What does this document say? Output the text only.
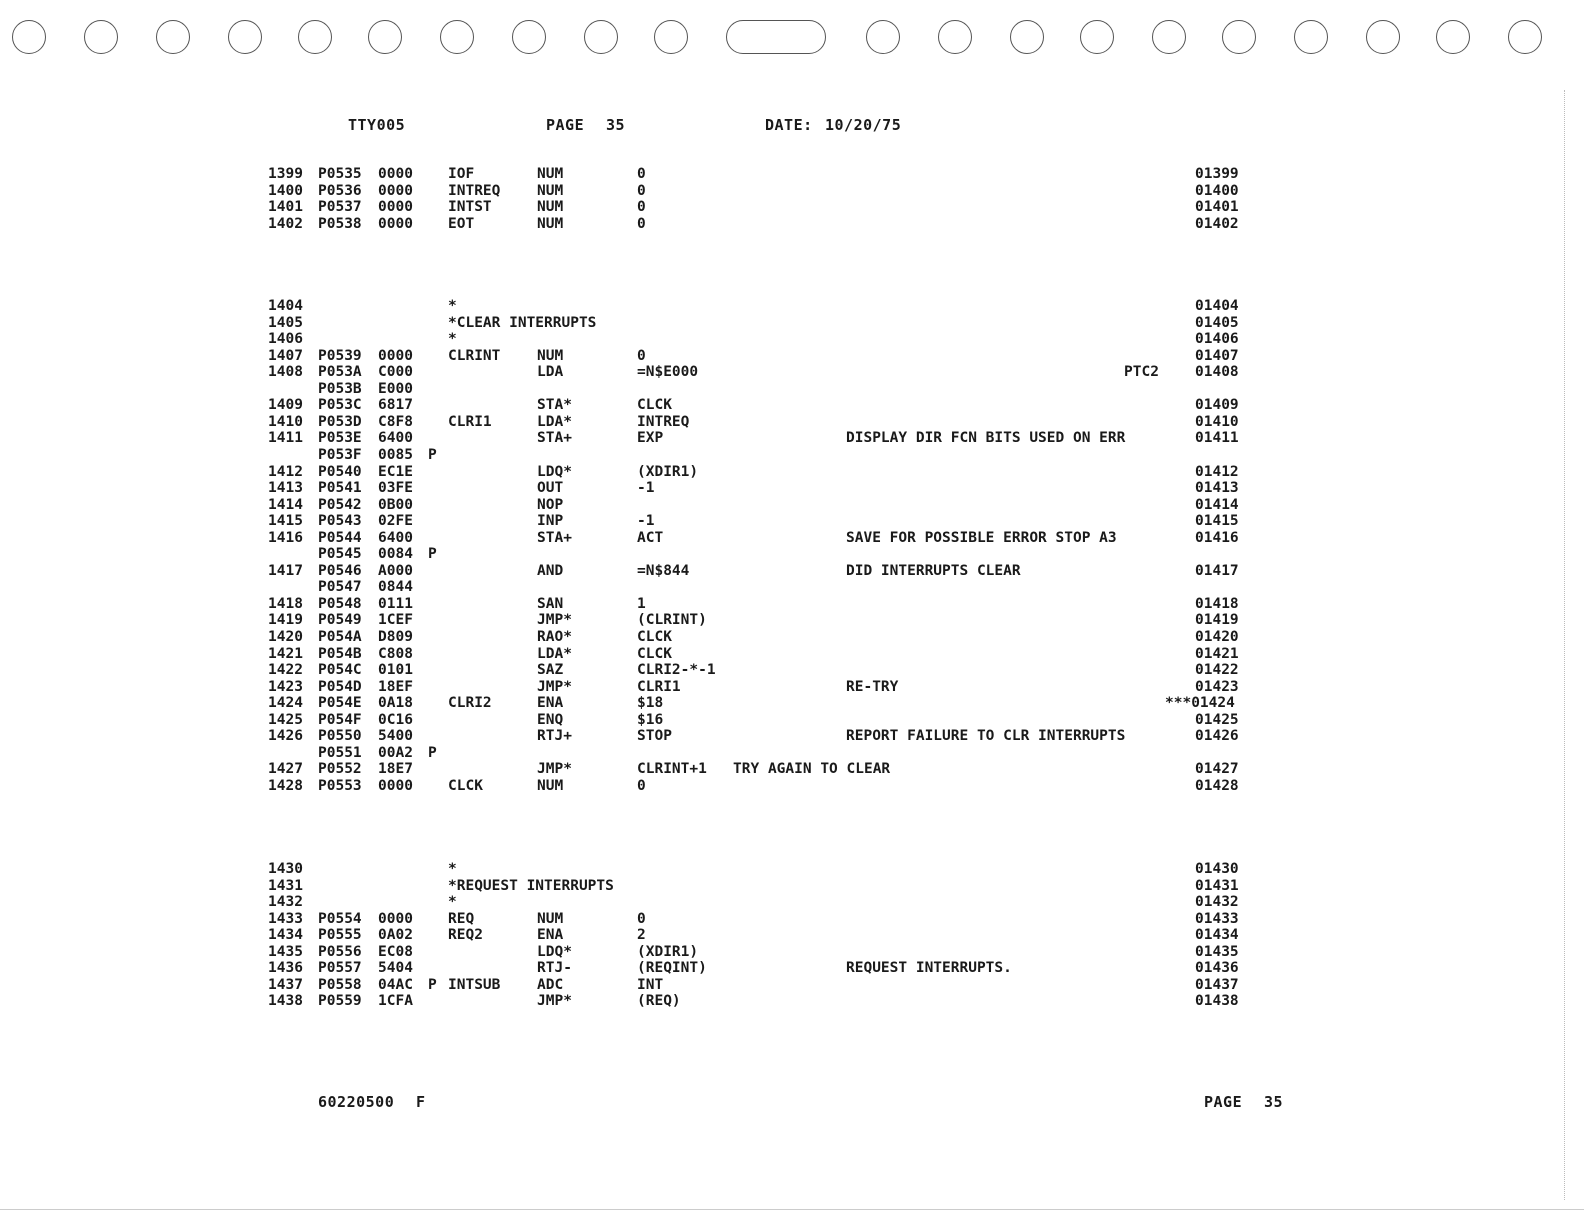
TTY005	PAGE 35	DATE: 10/20/75
1399 P0535 0000 IOF	NUM	0	01399
1400 P0536 0000 INTREQ	NUM	0	01400
1401 P0537 0000 INTST	NUM	0	01401
1402 P0538 0000 EOT	NUM	0	01402
1404	*	01404
1405	*CLEAR INTERRUPTS	01405
1406	*	01406
1407 P0539 0000 CLRINT	NUM	0	01407
1408 P053A C000	LDA	=N$E000	PTC2 01408
P053B E000
1409 P053C 6817	STA*	CLCK	01409
1410 P053D C8F8 CLRI1	LDA*	INTREQ	01410
1411 P053E 6400	STA+	EXP	DISPLAY DIR FCN BITS USED ON ERR	01411
P053F 0085 P
1412 P0540 EC1E	LDQ*	(XDIR1)	01412
1413 P0541 03FE	OUT	-1	01413
1414 P0542 0B00	NOP	01414
1415 P0543 02FE	INP	-1	01415
1416 P0544 6400	STA+	ACT	SAVE FOR POSSIBLE ERROR STOP A3	01416
P0545 0084 P
1417 P0546 A000	AND	=N$844	DID INTERRUPTS CLEAR	01417
P0547 0844
1418 P0548 0111	SAN	1	01418
1419 P0549 1CEF	JMP*	(CLRINT)	01419
1420 P054A D809	RAO*	CLCK	01420
1421 P054B C808	LDA*	CLCK	01421
1422 P054C 0101	SAZ	CLRI2-*-1	01422
1423 P054D 18EF	JMP*	CLRI1	RE-TRY	01423
1424 P054E 0A18 CLRI2	ENA	$18	***01424
1425 P054F 0C16	ENQ	$16	01425
1426 P0550 5400	RTJ+	STOP	REPORT FAILURE TO CLR INTERRUPTS	01426
P0551 00A2 P
1427 P0552 18E7	JMP*	CLRINT+1   TRY AGAIN TO CLEAR	01427
1428 P0553 0000 CLCK	NUM	0	01428
1430	*	01430
1431	*REQUEST INTERRUPTS	01431
1432	*	01432
1433 P0554 0000 REQ	NUM	0	01433
1434 P0555 0A02 REQ2	ENA	2	01434
1435 P0556 EC08	LDQ*	(XDIR1)	01435
1436 P0557 5404	RTJ-	(REQINT)	REQUEST INTERRUPTS.	01436
1437 P0558 04AC P INTSUB	ADC	INT	01437
1438 P0559 1CFA	JMP*	(REQ)	01438
60220500 F	PAGE 35
